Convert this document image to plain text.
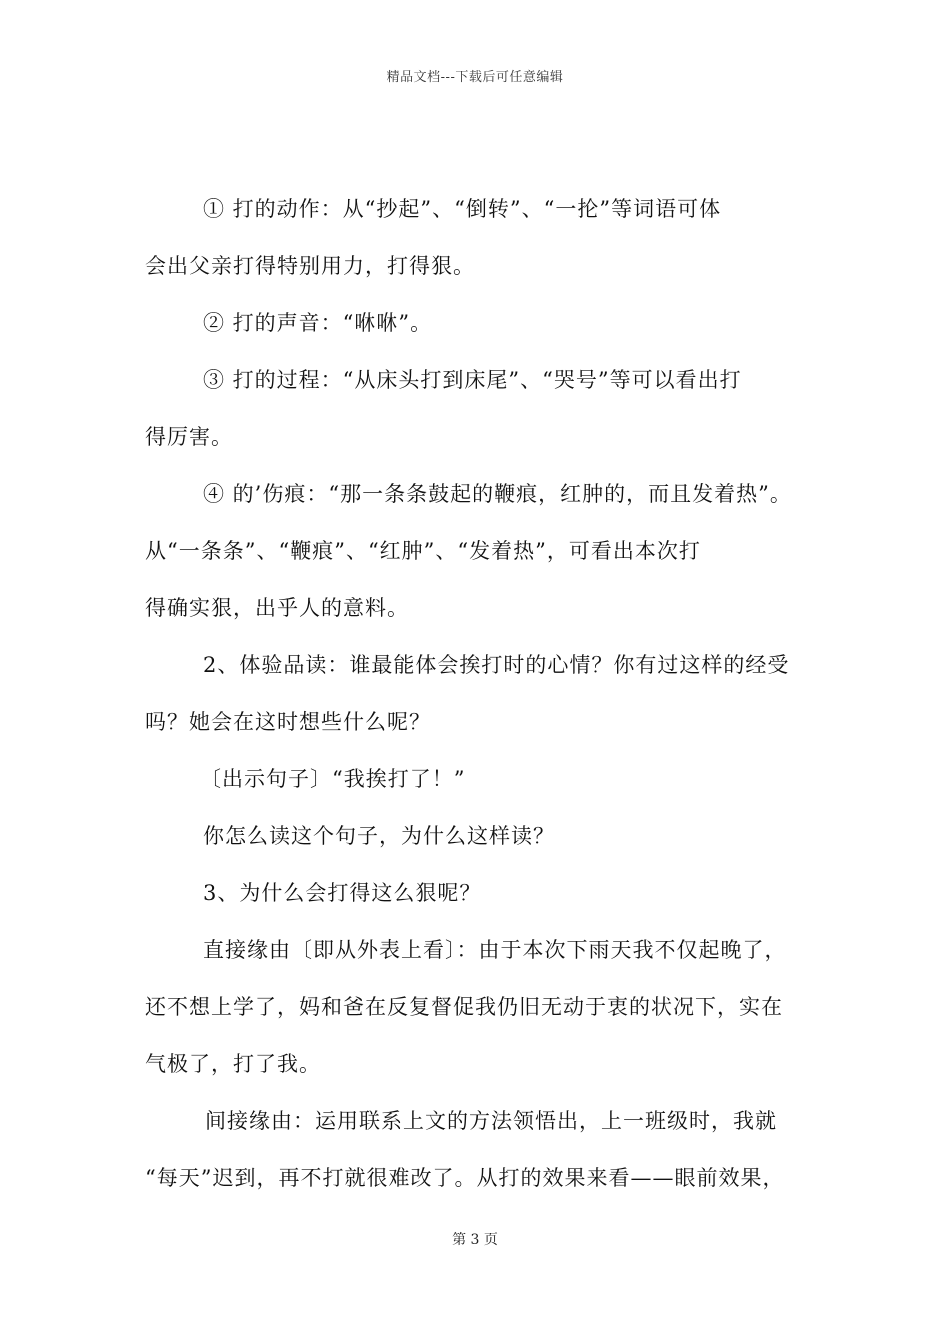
精品文档---下载后可任意编辑
① 打的动作：从“抄起”、“倒转”、“一抡”等词语可体
会出父亲打得特别用力，打得狠。
② 打的声音：“咻咻”。
③ 打的过程：“从床头打到床尾”、“哭号”等可以看出打
得厉害。
④ 的’伤痕：“那一条条鼓起的鞭痕，红肿的，而且发着热”。
从“一条条”、“鞭痕”、“红肿”、“发着热”，可看出本次打
得确实狠，出乎人的意料。
2、体验品读：谁最能体会挨打时的心情？你有过这样的经受
吗？她会在这时想些什么呢？
〔出示句子〕“我挨打了！”
你怎么读这个句子，为什么这样读？
3、为什么会打得这么狠呢？
直接缘由〔即从外表上看〕：由于本次下雨天我不仅起晚了，
还不想上学了，妈和爸在反复督促我仍旧无动于衷的状况下，实在
气极了，打了我。
间接缘由：运用联系上文的方法领悟出，上一班级时，我就
“每天”迟到，再不打就很难改了。从打的效果来看——眼前效果，
第 3 页
